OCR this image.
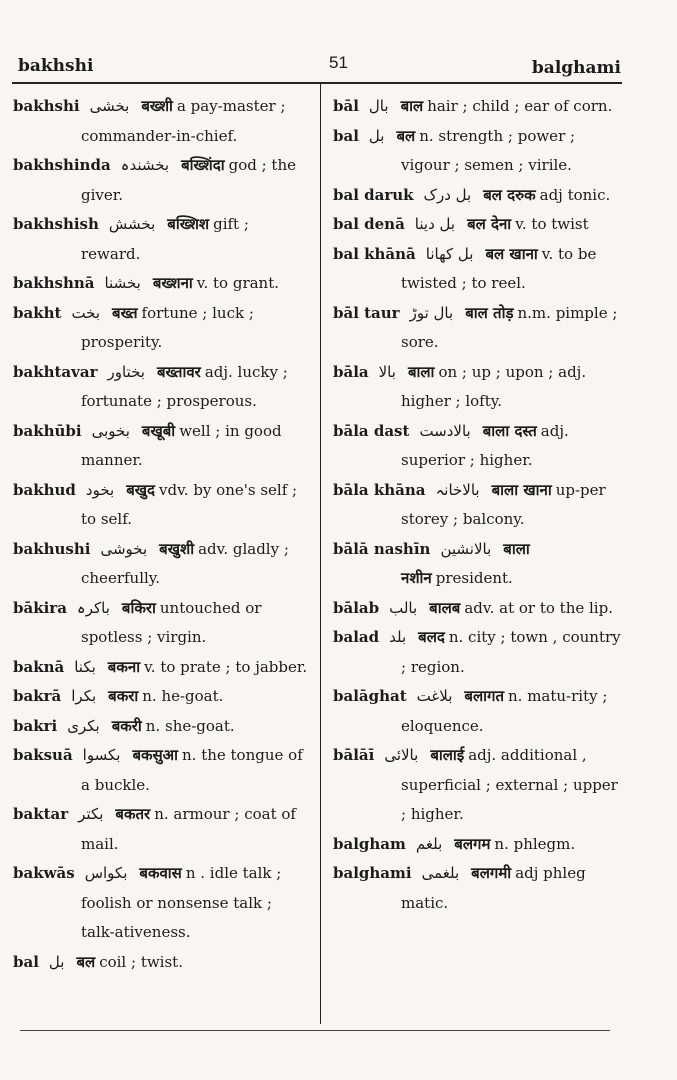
bakhshi	51	balghami

bakhshi بخشی बख्शी a pay-master ; commander-in-chief.

bakhshinda بخشندہ बख्शिंदा god ; the giver.

bakhshish بخشش बख्शिश gift ; reward.

bakhshnā بخشنا बख्शना v. to grant.

bakht بخت बख्त fortune ; luck ; prosperity.

bakhtavar بختاور बख्तावर adj. lucky ; fortunate ; prosperous.

bakhūbi بخوبی बखूबी well ; in good manner.

bakhud بخود बखुद vdv. by one's self ; to self.

bakhushi بخوشی बखुशी adv. gladly ; cheerfully.

bākira باکرہ बकिरा untouched or spotless ; virgin.

baknā بکنا बकना v. to prate ; to jabber.

bakrā بکرا बकरा n. he-goat.

bakri بکری बकरी n. she-goat.

baksuā بکسوا बकसुआ n. the tongue of a buckle.

baktar بکتر बकतर n. armour ; coat of mail.

bakwās بکواس बकवास n . idle talk ; foolish or nonsense talk ; talk-ativeness.

bal بل बल coil ; twist.

bāl بال बाल hair ; child ; ear of corn.

bal بل बल n. strength ; power ; vigour ; semen ; virile.

bal daruk بل درک बल दरुक adj tonic.

bal denā بل دینا बल देना v. to twist

bal khānā بل کھانا बल खाना v. to be twisted ; to reel.

bāl taur بال توڑ बाल तोड़ n.m. pimple ; sore.

bāla بالا बाला on ; up ; upon ; adj. higher ; lofty.

bāla dast بالادست बाला दस्त adj. superior ; higher.

bāla khāna بالاخانہ बाला खाना up-per storey ; balcony.

bālā nashīn بالانشین बाला नशीन president.

bālab بالب बालब adv. at or to the lip.

balad بلد बलद n. city ; town , country ; region.

balāghat بلاغت बलागत n. matu-rity ; eloquence.

bālāī بالائی बालाई adj. additional , superficial ; external ; upper ; higher.

balgham بلغم बलगम n. phlegm.

balghami بلغمی बलगमी adj phleg matic.
